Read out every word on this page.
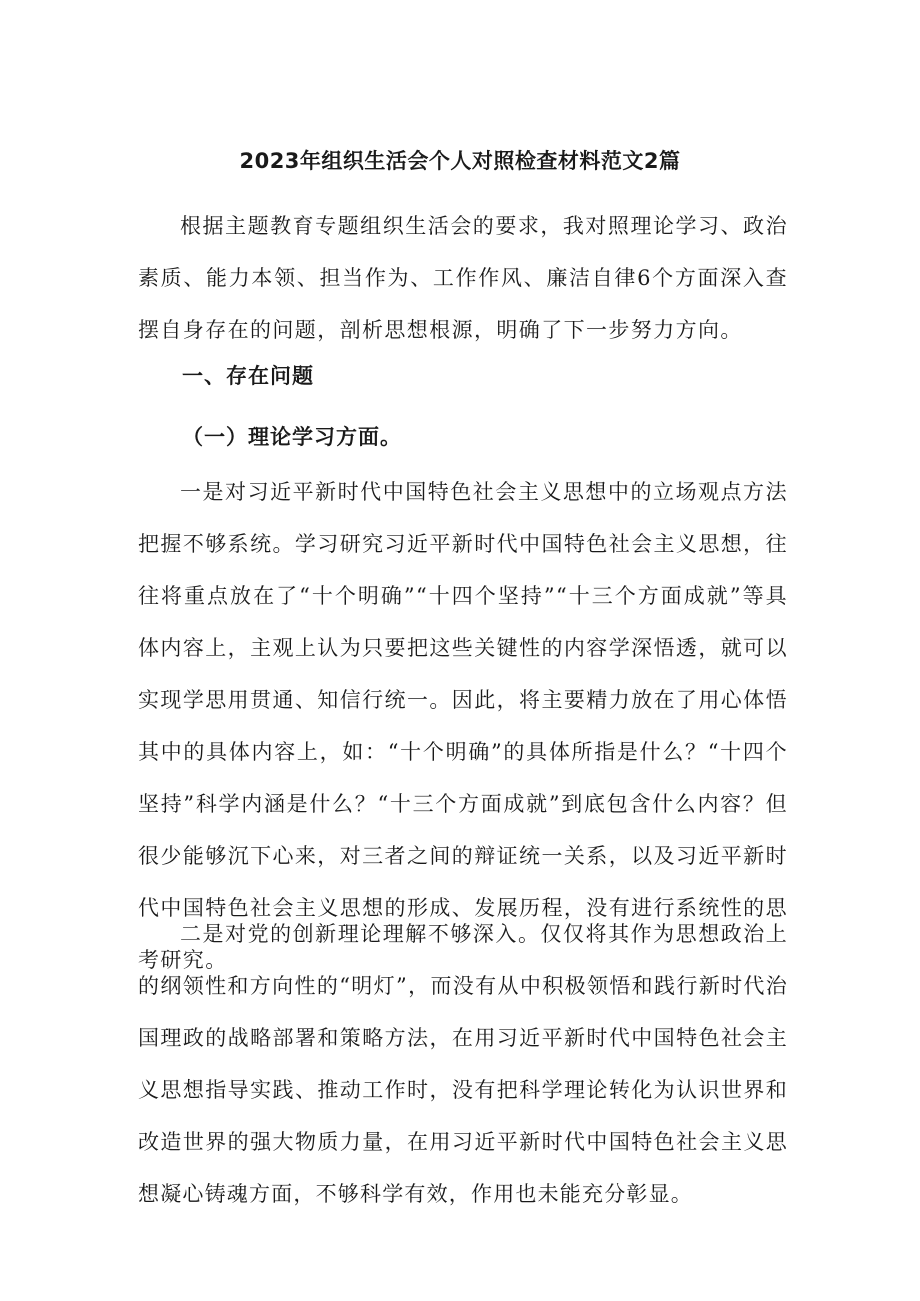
2023年组织生活会个人对照检查材料范文2篇

根据主题教育专题组织生活会的要求，我对照理论学习、政治素质、能力本领、担当作为、工作作风、廉洁自律6个方面深入查摆自身存在的问题，剖析思想根源，明确了下一步努力方向。

一、存在问题
（一）理论学习方面。

一是对习近平新时代中国特色社会主义思想中的立场观点方法把握不够系统。学习研究习近平新时代中国特色社会主义思想，往往将重点放在了“十个明确”“十四个坚持”“十三个方面成就”等具体内容上，主观上认为只要把这些关键性的内容学深悟透，就可以实现学思用贯通、知信行统一。因此，将主要精力放在了用心体悟其中的具体内容上，如：“十个明确”的具体所指是什么？“十四个坚持”科学内涵是什么？“十三个方面成就”到底包含什么内容？但很少能够沉下心来，对三者之间的辩证统一关系，以及习近平新时代中国特色社会主义思想的形成、发展历程，没有进行系统性的思考研究。

二是对党的创新理论理解不够深入。仅仅将其作为思想政治上的纲领性和方向性的“明灯”，而没有从中积极领悟和践行新时代治国理政的战略部署和策略方法，在用习近平新时代中国特色社会主义思想指导实践、推动工作时，没有把科学理论转化为认识世界和改造世界的强大物质力量，在用习近平新时代中国特色社会主义思想凝心铸魂方面，不够科学有效，作用也未能充分彰显。
